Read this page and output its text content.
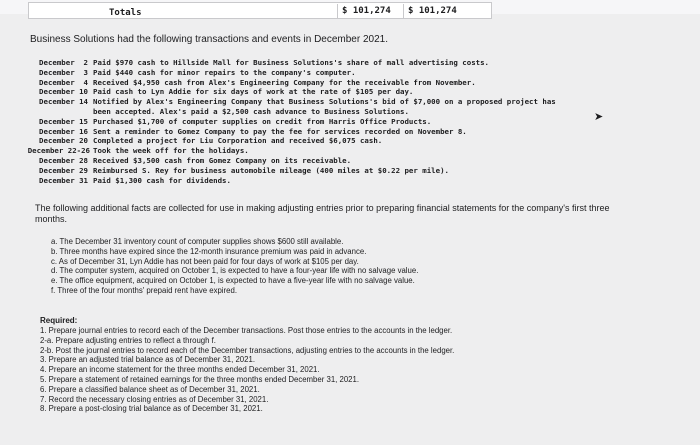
Totals	$ 101,274	$ 101,274
Business Solutions had the following transactions and events in December 2021.
December  2 Paid $970 cash to Hillside Mall for Business Solutions's share of mall advertising costs.
December  3 Paid $440 cash for minor repairs to the company's computer.
December  4 Received $4,950 cash from Alex's Engineering Company for the receivable from November.
December 10 Paid cash to Lyn Addie for six days of work at the rate of $105 per day.
December 14 Notified by Alex's Engineering Company that Business Solutions's bid of $7,000 on a proposed project has
been accepted. Alex's paid a $2,500 cash advance to Business Solutions.
December 15 Purchased $1,700 of computer supplies on credit from Harris Office Products.
December 16 Sent a reminder to Gomez Company to pay the fee for services recorded on November 8.
December 20 Completed a project for Liu Corporation and received $6,075 cash.
December 22-26 Took the week off for the holidays.
December 28 Received $3,500 cash from Gomez Company on its receivable.
December 29 Reimbursed S. Rey for business automobile mileage (400 miles at $0.22 per mile).
December 31 Paid $1,300 cash for dividends.
The following additional facts are collected for use in making adjusting entries prior to preparing financial statements for the company's first three months.
a. The December 31 inventory count of computer supplies shows $600 still available.
b. Three months have expired since the 12-month insurance premium was paid in advance.
c. As of December 31, Lyn Addie has not been paid for four days of work at $105 per day.
d. The computer system, acquired on October 1, is expected to have a four-year life with no salvage value.
e. The office equipment, acquired on October 1, is expected to have a five-year life with no salvage value.
f. Three of the four months' prepaid rent have expired.
Required:
1. Prepare journal entries to record each of the December transactions. Post those entries to the accounts in the ledger.
2-a. Prepare adjusting entries to reflect a through f.
2-b. Post the journal entries to record each of the December transactions, adjusting entries to the accounts in the ledger.
3. Prepare an adjusted trial balance as of December 31, 2021.
4. Prepare an income statement for the three months ended December 31, 2021.
5. Prepare a statement of retained earnings for the three months ended December 31, 2021.
6. Prepare a classified balance sheet as of December 31, 2021.
7. Record the necessary closing entries as of December 31, 2021.
8. Prepare a post-closing trial balance as of December 31, 2021.
➤
